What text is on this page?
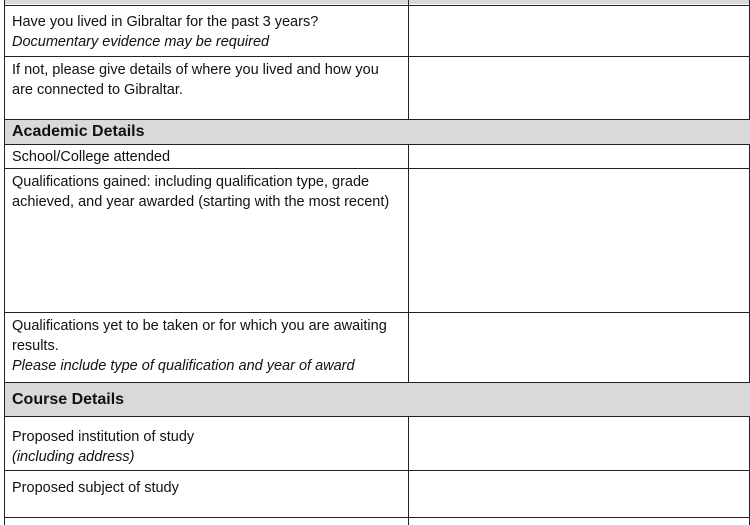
Have you lived in Gibraltar for the past 3 years?
Documentary evidence may be required
If not, please give details of where you lived and how you are connected to Gibraltar.
Academic Details
School/College attended
Qualifications gained: including qualification type, grade achieved, and year awarded (starting with the most recent)
Qualifications yet to be taken or for which you are awaiting results.
Please include type of qualification and year of award
Course Details
Proposed institution of study
(including address)
Proposed subject of study
